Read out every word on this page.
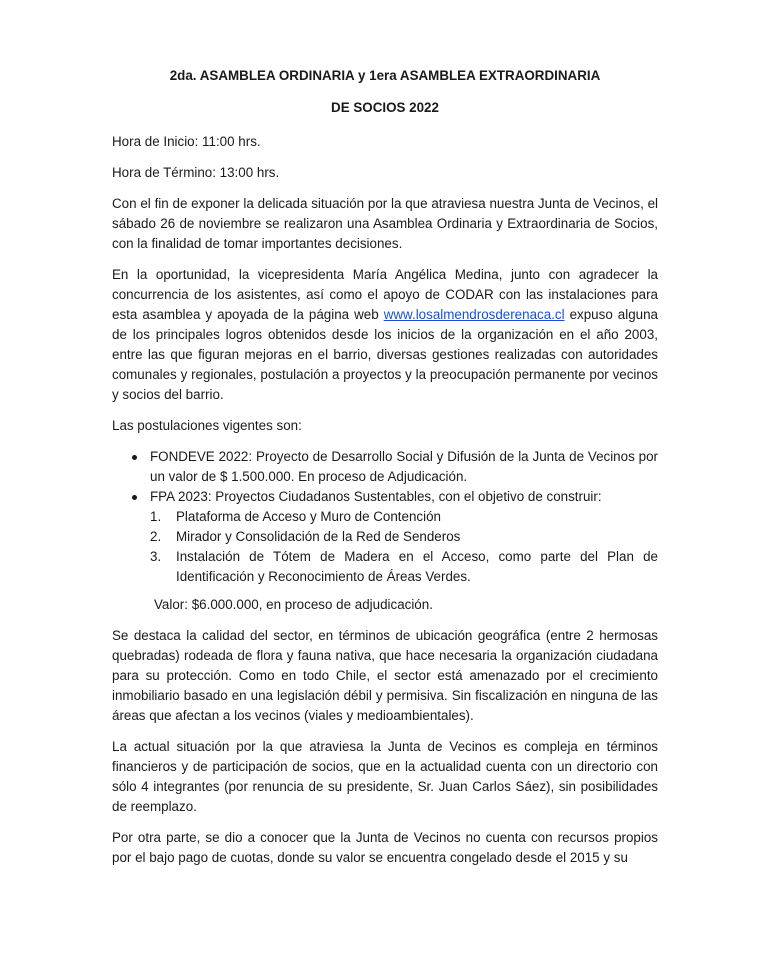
2da. ASAMBLEA ORDINARIA y 1era ASAMBLEA EXTRAORDINARIA
DE SOCIOS 2022

Hora de Inicio: 11:00 hrs.

Hora de Término: 13:00 hrs.

Con el fin de exponer la delicada situación por la que atraviesa nuestra Junta de Vecinos, el sábado 26 de noviembre se realizaron una Asamblea Ordinaria y Extraordinaria de Socios, con la finalidad de tomar importantes decisiones.

En la oportunidad, la vicepresidenta María Angélica Medina, junto con agradecer la concurrencia de los asistentes, así como el apoyo de CODAR con las instalaciones para esta asamblea y apoyada de la página web www.losalmendrosderenaca.cl expuso alguna de los principales logros obtenidos desde los inicios de la organización en el año 2003, entre las que figuran mejoras en el barrio, diversas gestiones realizadas con autoridades comunales y regionales, postulación a proyectos y la preocupación permanente por vecinos y socios del barrio.

Las postulaciones vigentes son:

FONDEVE 2022: Proyecto de Desarrollo Social y Difusión de la Junta de Vecinos por un valor de $ 1.500.000. En proceso de Adjudicación.
FPA 2023: Proyectos Ciudadanos Sustentables, con el objetivo de construir:
1. Plataforma de Acceso y Muro de Contención
2. Mirador y Consolidación de la Red de Senderos
3. Instalación de Tótem de Madera en el Acceso, como parte del Plan de Identificación y Reconocimiento de Áreas Verdes.

Valor: $6.000.000, en proceso de adjudicación.

Se destaca la calidad del sector, en términos de ubicación geográfica (entre 2 hermosas quebradas) rodeada de flora y fauna nativa, que hace necesaria la organización ciudadana para su protección. Como en todo Chile, el sector está amenazado por el crecimiento inmobiliario basado en una legislación débil y permisiva. Sin fiscalización en ninguna de las áreas que afectan a los vecinos (viales y medioambientales).

La actual situación por la que atraviesa la Junta de Vecinos es compleja en términos financieros y de participación de socios, que en la actualidad cuenta con un directorio con sólo 4 integrantes (por renuncia de su presidente, Sr. Juan Carlos Sáez), sin posibilidades de reemplazo.

Por otra parte, se dio a conocer que la Junta de Vecinos no cuenta con recursos propios por el bajo pago de cuotas, donde su valor se encuentra congelado desde el 2015 y su
